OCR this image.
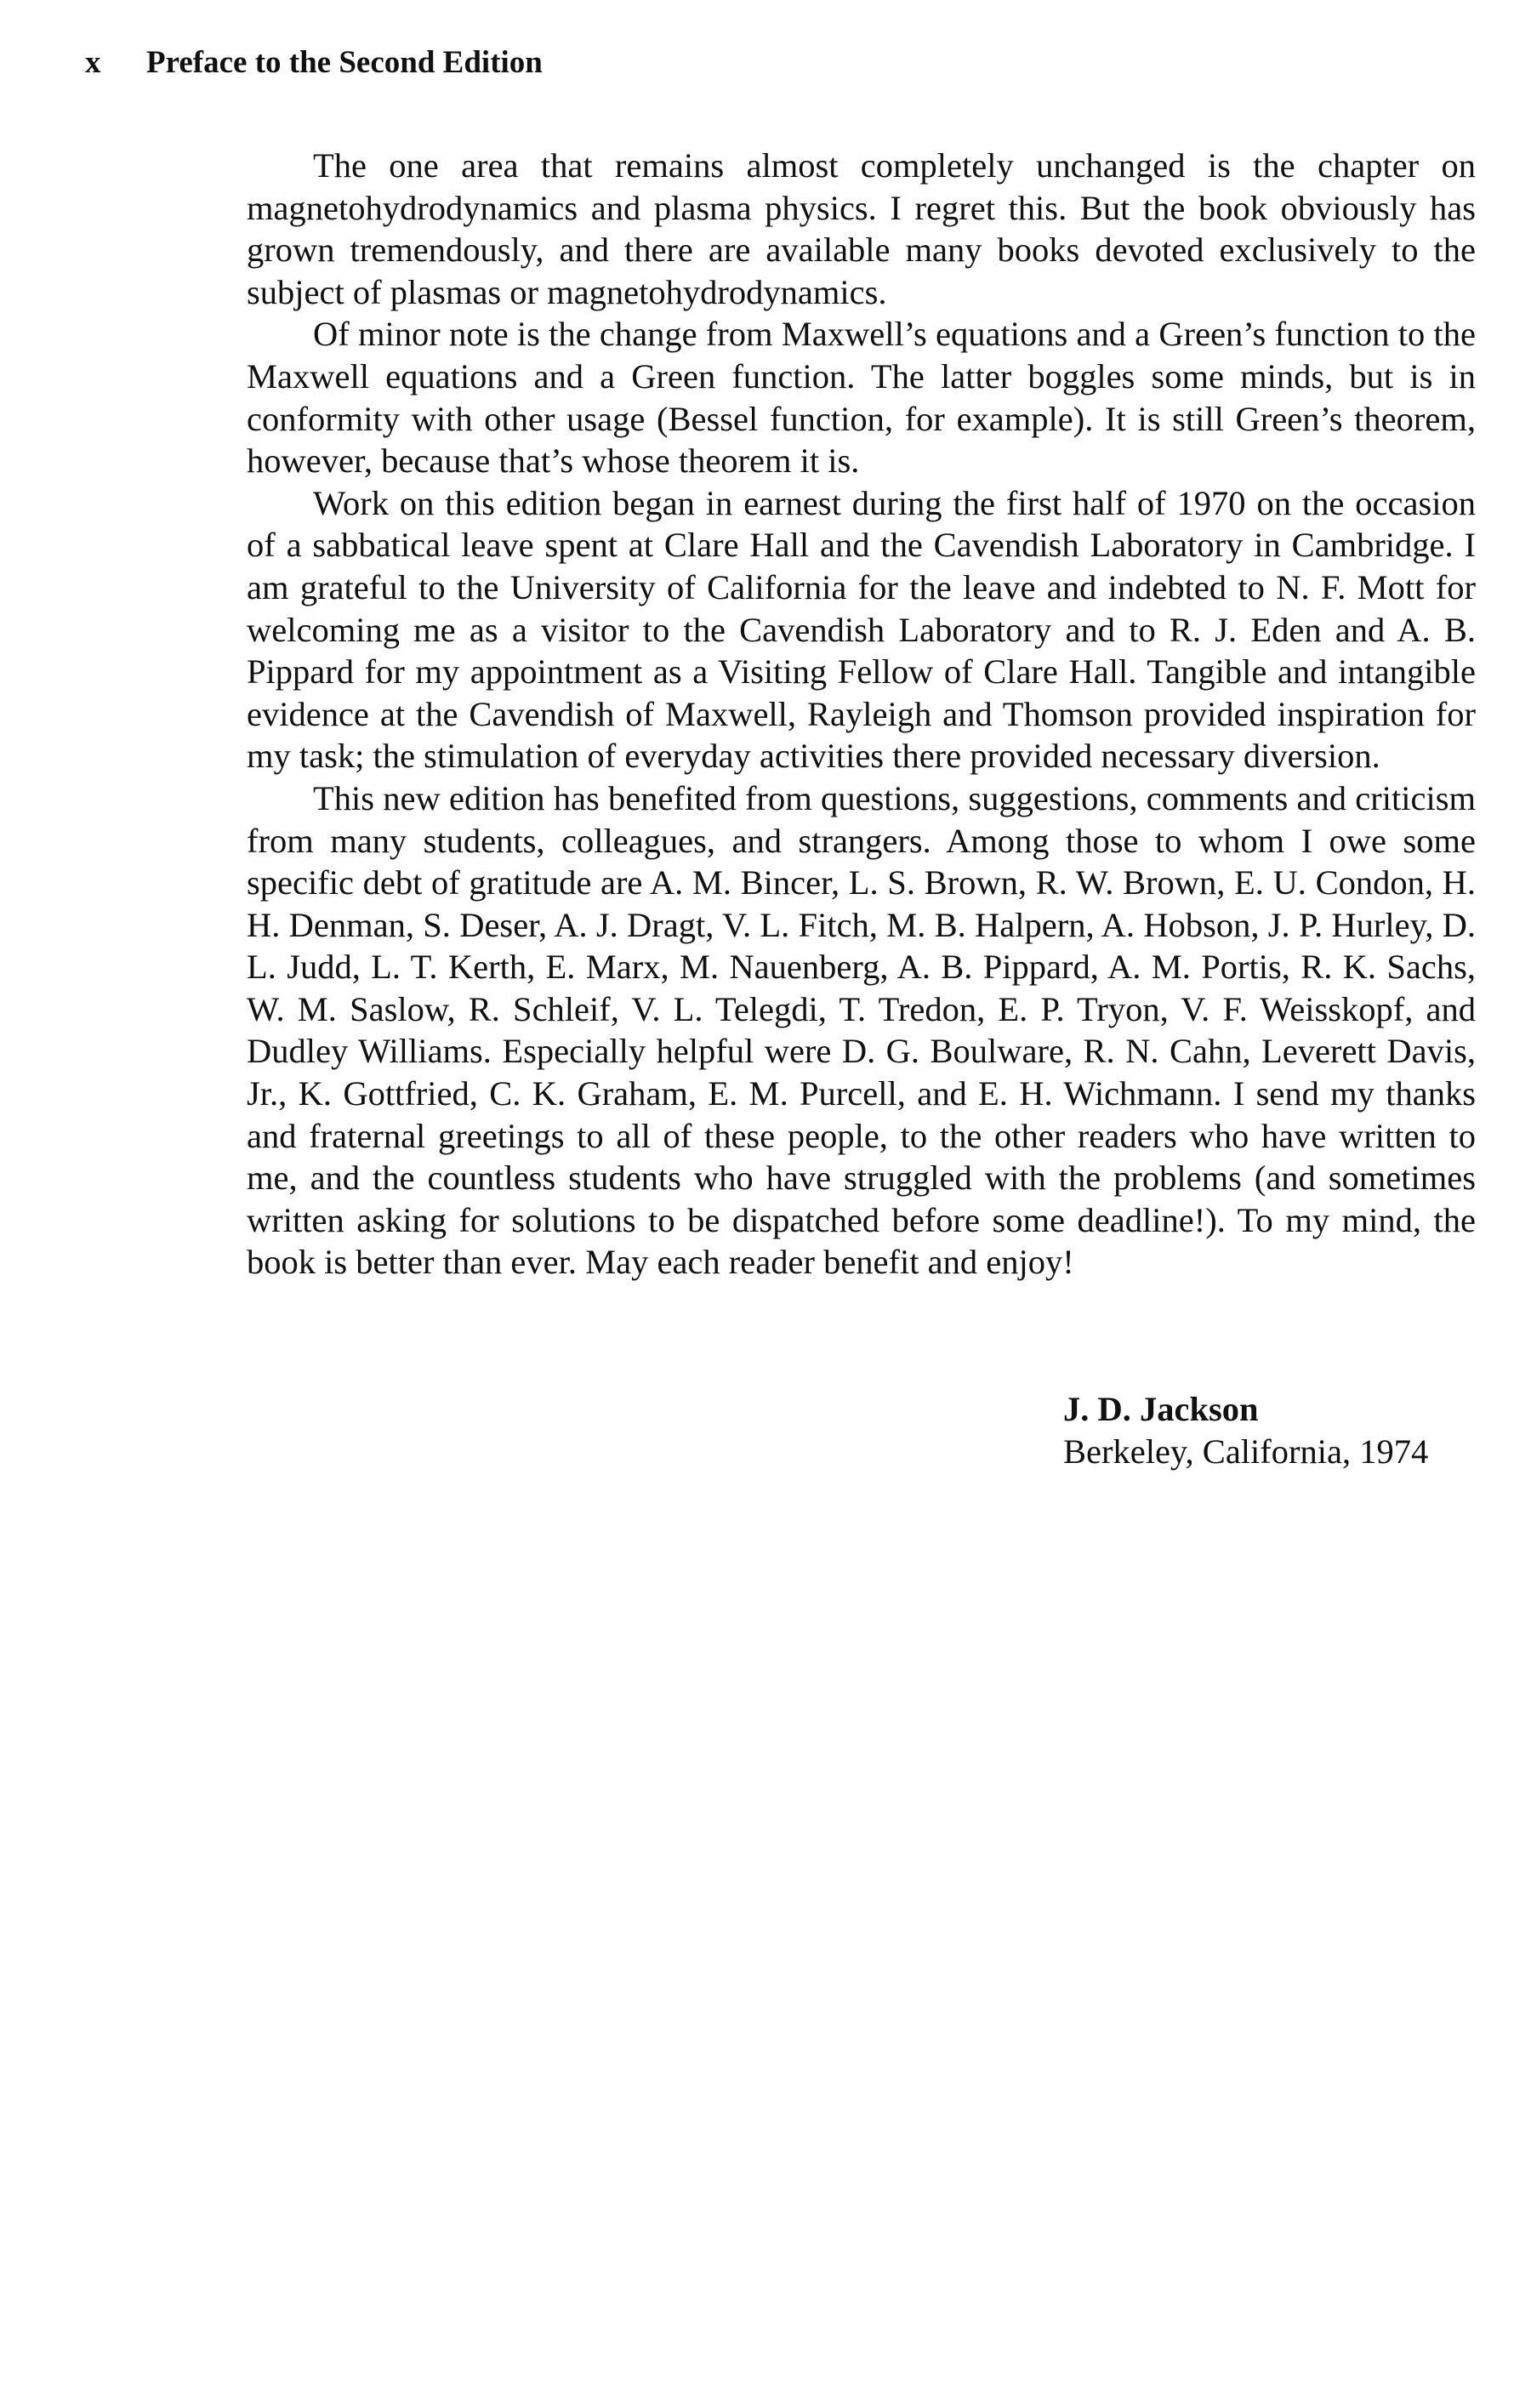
x Preface to the Second Edition

The one area that remains almost completely unchanged is the chapter on magnetohydrodynamics and plasma physics. I regret this. But the book obviously has grown tremendously, and there are available many books devoted exclusively to the subject of plasmas or magnetohydrodynamics.

Of minor note is the change from Maxwell’s equations and a Green’s function to the Maxwell equations and a Green function. The latter boggles some minds, but is in conformity with other usage (Bessel function, for example). It is still Green’s theorem, however, because that’s whose theorem it is.

Work on this edition began in earnest during the first half of 1970 on the occasion of a sabbatical leave spent at Clare Hall and the Cavendish Laboratory in Cambridge. I am grateful to the University of California for the leave and indebted to N. F. Mott for welcoming me as a visitor to the Cavendish Laboratory and to R. J. Eden and A. B. Pippard for my appointment as a Visiting Fellow of Clare Hall. Tangible and intangible evidence at the Cavendish of Maxwell, Rayleigh and Thomson provided inspiration for my task; the stimulation of everyday activities there provided necessary diversion.

This new edition has benefited from questions, suggestions, comments and criticism from many students, colleagues, and strangers. Among those to whom I owe some specific debt of gratitude are A. M. Bincer, L. S. Brown, R. W. Brown, E. U. Condon, H. H. Denman, S. Deser, A. J. Dragt, V. L. Fitch, M. B. Halpern, A. Hobson, J. P. Hurley, D. L. Judd, L. T. Kerth, E. Marx, M. Nauenberg, A. B. Pippard, A. M. Portis, R. K. Sachs, W. M. Saslow, R. Schleif, V. L. Telegdi, T. Tredon, E. P. Tryon, V. F. Weisskopf, and Dudley Williams. Especially helpful were D. G. Boulware, R. N. Cahn, Leverett Davis, Jr., K. Gottfried, C. K. Graham, E. M. Purcell, and E. H. Wichmann. I send my thanks and fraternal greetings to all of these people, to the other readers who have written to me, and the countless students who have struggled with the problems (and sometimes written asking for solutions to be dispatched before some deadline!). To my mind, the book is better than ever. May each reader benefit and enjoy!

J. D. Jackson
Berkeley, California, 1974
